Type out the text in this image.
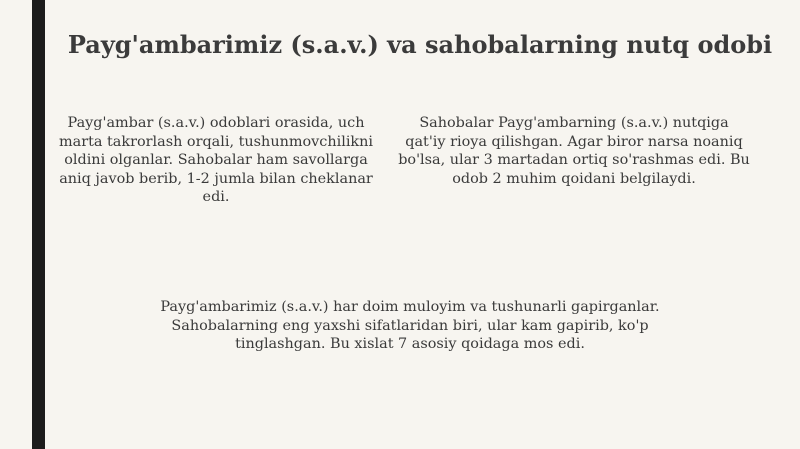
Payg'ambarimiz (s.a.v.) va sahobalarning nutq odobi

Payg'ambar (s.a.v.) odoblari orasida, uch marta takrorlash orqali, tushunmovchilikni oldini olganlar. Sahobalar ham savollarga aniq javob berib, 1-2 jumla bilan cheklanar edi.

Sahobalar Payg'ambarning (s.a.v.) nutqiga qat'iy rioya qilishgan. Agar biror narsa noaniq bo'lsa, ular 3 martadan ortiq so'rashmas edi. Bu odob 2 muhim qoidani belgilaydi.

Payg'ambarimiz (s.a.v.) har doim muloyim va tushunarli gapirganlar. Sahobalarning eng yaxshi sifatlaridan biri, ular kam gapirib, ko'p tinglashgan. Bu xislat 7 asosiy qoidaga mos edi.
